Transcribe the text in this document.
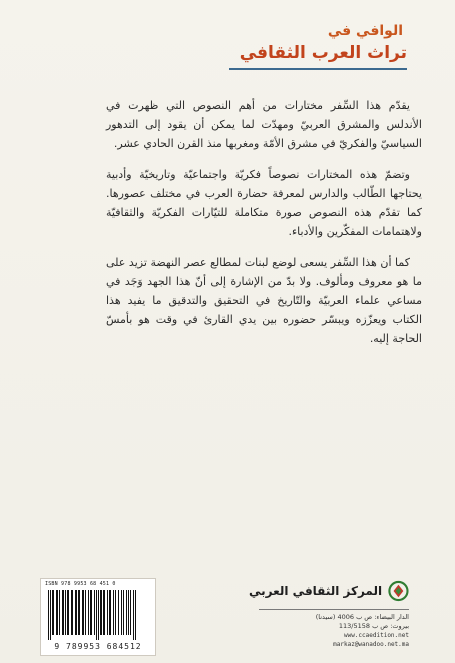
الوافي في
تراث العرب الثقافي

يقدّم هذا السِّفر مختارات من أهم النصوص التي ظهرت في الأندلس والمشرق العربيّ ومهدّت لما يمكن أن يقود إلى التدهور السياسيّ والفكريّ في مشرق الأمّة ومغربها منذ القرن الحادي عشر.

وتضمّ هذه المختارات نصوصاً فكريّة واجتماعيّة وتاريخيّة وأدبية يحتاجها الطّالب والدارس لمعرفة حضارة العرب في مختلف عصورها. كما تقدّم هذه النصوص صورة متكاملة للتيّارات الفكريّة والثقافيّة ولاهتمامات المفكّرين والأدباء.

كما أن هذا السِّفر يسعى لوضع لبنات لمطالع عصر النهضة تزيد على ما هو معروف ومألوف. ولا بدّ من الإشارة إلى أنّ هذا الجهد وَجَد في مساعي علماء العربيّة والتّاريخ في التحقيق والتدقيق ما يفيد هذا الكتاب ويعزّزه ويبسّر حضوره بين يدي القارئ في وقت هو بأمسّ الحاجة إليه.

ISBN 978 9953 68 451 0
9 789953 684512
المركز الثقافي العربي
الدار البيضاء: ص ب 4006 (سيدنا)
بيروت: ص ب 113/5158
www.ccaedition.net
markaz@wanadoo.net.ma
